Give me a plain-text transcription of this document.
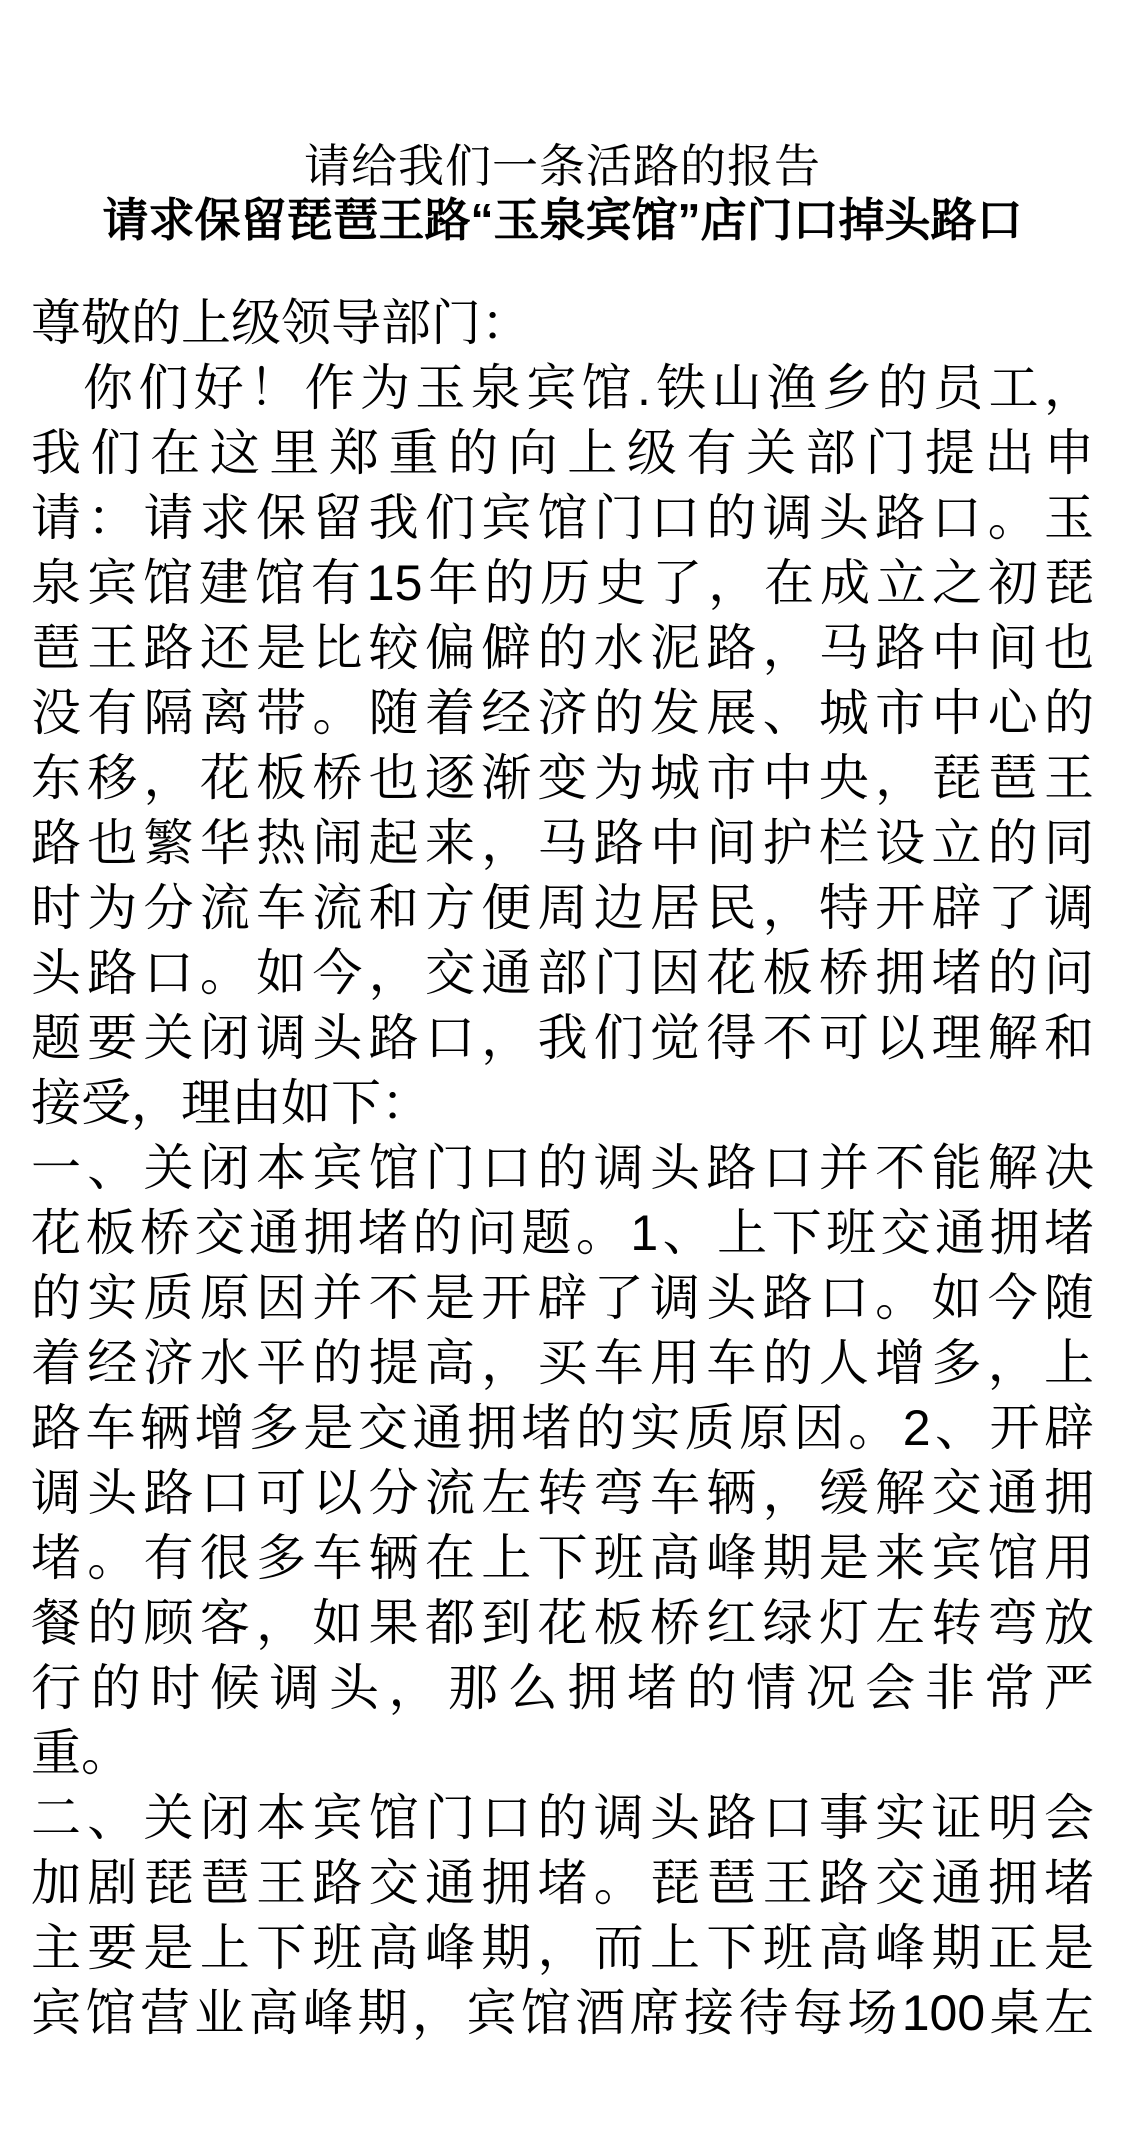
请给我们一条活路的报告
请求保留琵琶王路“玉泉宾馆”店门口掉头路口
尊敬的上级领导部门：
你们好！作为玉泉宾馆.铁山渔乡的员工，
我们在这里郑重的向上级有关部门提出申
请：请求保留我们宾馆门口的调头路口。玉
泉宾馆建馆有15年的历史了，在成立之初琵
琶王路还是比较偏僻的水泥路，马路中间也
没有隔离带。随着经济的发展、城市中心的
东移，花板桥也逐渐变为城市中央，琵琶王
路也繁华热闹起来，马路中间护栏设立的同
时为分流车流和方便周边居民，特开辟了调
头路口。如今，交通部门因花板桥拥堵的问
题要关闭调头路口，我们觉得不可以理解和
接受，理由如下：
一、关闭本宾馆门口的调头路口并不能解决
花板桥交通拥堵的问题。1、上下班交通拥堵
的实质原因并不是开辟了调头路口。如今随
着经济水平的提高，买车用车的人增多，上
路车辆增多是交通拥堵的实质原因。2、开辟
调头路口可以分流左转弯车辆，缓解交通拥
堵。有很多车辆在上下班高峰期是来宾馆用
餐的顾客，如果都到花板桥红绿灯左转弯放
行的时候调头，那么拥堵的情况会非常严
重。
二、关闭本宾馆门口的调头路口事实证明会
加剧琵琶王路交通拥堵。琵琶王路交通拥堵
主要是上下班高峰期，而上下班高峰期正是
宾馆营业高峰期，宾馆酒席接待每场100桌左
